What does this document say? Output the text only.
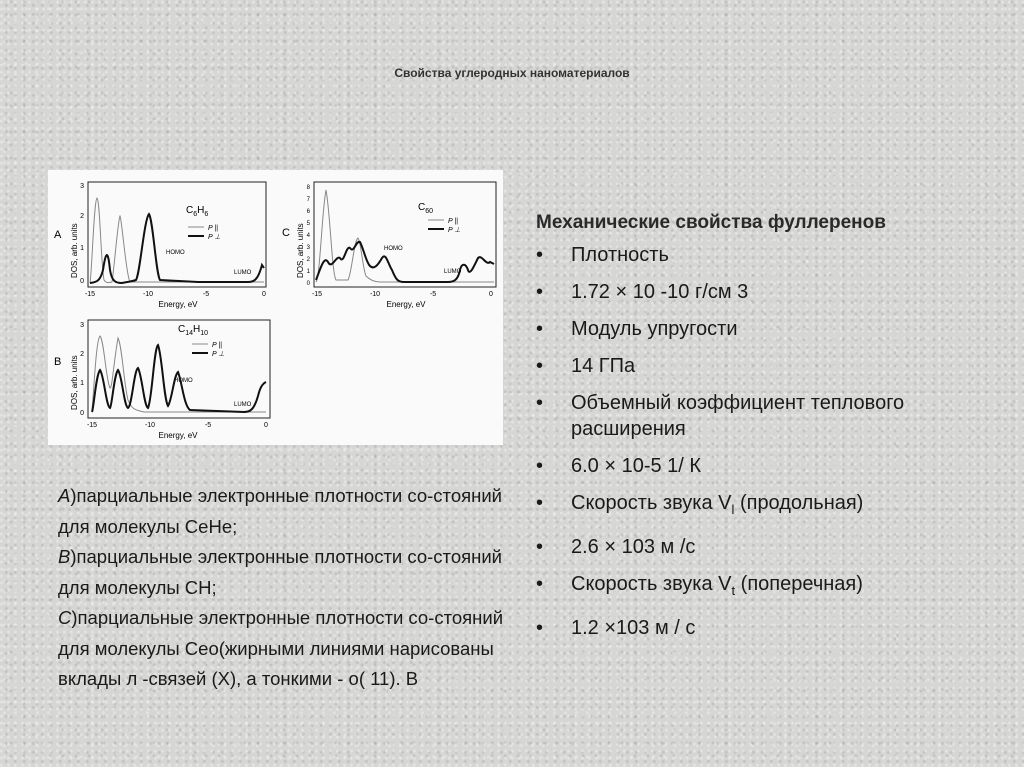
Свойства углеродных наноматериалов
A DOS, arb. units
3
2
1
0
-15	-10	-5	0
Energy, eV
$C_6H_6$
P ||
P ⊥
HOMO
LUMO
C DOS, arb. units
8
7
6
5
4
3
2
1
0
-15	-10	-5	0
Energy, eV
$C_{60}$
P ||
P ⊥
HOMO
LUMO
B DOS, arb. units
3
2
1
0
-15	-10	-5	0
Energy, eV
$C_{14}H_{10}$
P ||
P ⊥
HOMO
LUMO

А)парциальные электронные плотности со-стояний для молекулы СеНе;

В)парциальные электронные плотности со-стояний для молекулы СН;

С)парциальные электронные плотности со-стояний для молекулы Сео(жирными линиями нарисованы вклады л -связей (X), а тонкими - о( 11). В

Механические свойства фуллеренов
• Плотность
• 1.72 × 10 -10 г/см 3
• Модуль упругости
• 14 ГПа
• Объемный коэффициент теплового расширения
• 6.0 × 10-5 1/ К
• Скорость звука $V_l$ (продольная)
• 2.6 × 103 м /с
• Скорость звука $V_t$ (поперечная)
• 1.2 ×103 м / с
